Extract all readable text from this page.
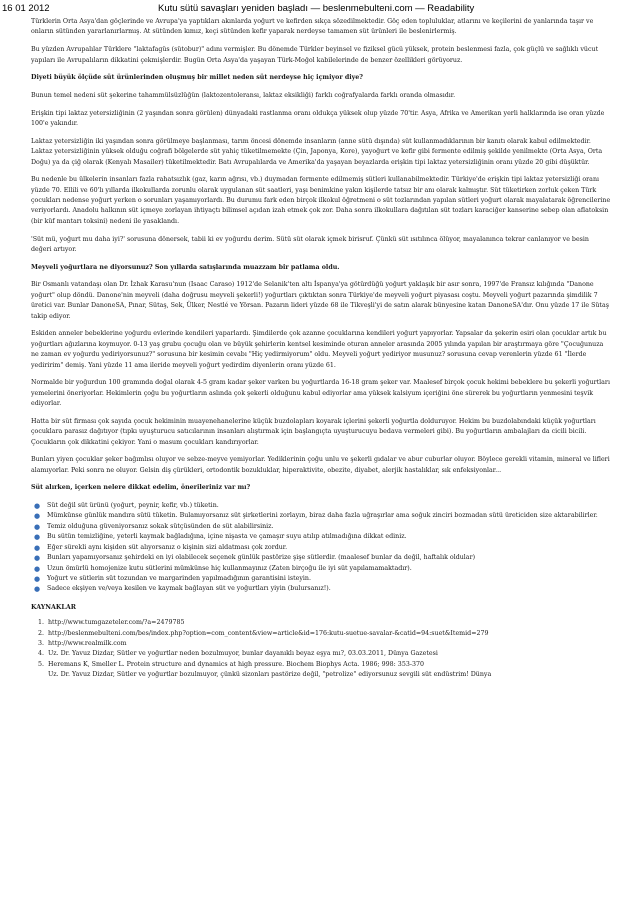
16 01 2012	Kutu sütü savaşları yeniden başladı — beslenmebulteni.com — Readability

Türklerin Orta Asya'dan göçlerinde ve Avrupa'ya yaptıkları akınlarda yoğurt ve kefirden sıkça sözedilmektedir. Göç eden topluluklar, atlarını ve keçilerini de yanlarında taşır ve onların sütünden yararlanırlarmış. At sütünden kımız, keçi sütünden kefir yaparak nerdeyse tamamen süt ürünleri ile beslenirlermiş.

Bu yüzden Avrupalılar Türklere "laktafagüs (sütobur)" adını vermişler. Bu dönemde Türkler beyinsel ve fiziksel gücü yüksek, protein beslenmesi fazla, çok güçlü ve sağlıklı vücut yapıları ile Avrupalıların dikkatini çekmişlerdir. Bugün Orta Asya'da yaşayan Türk-Moğol kabilelerinde de benzer özellikleri görüyoruz.

Diyeti büyük ölçüde süt ürünlerinden oluşmuş bir millet neden süt nerdeyse hiç içmiyor diye?

Bunun temel nedeni süt şekerine tahammülsüzlüğün (laktozentoleransı, laktaz eksikliği) farklı coğrafyalarda farklı oranda olmasıdır.

Erişkin tipi laktaz yetersizliğinin (2 yaşından sonra görülen) dünyadaki rastlanma oranı oldukça yüksek olup yüzde 70'tir. Asya, Afrika ve Amerikan yerli halklarında ise oran yüzde 100'e yakındır.

Laktaz yetersizliğin iki yaşından sonra görülmeye başlanması, tarım öncesi dönemde insanların (anne sütü dışında) süt kullanmadıklarının bir kanıtı olarak kabul edilmektedir. Laktaz yetersizliğinin yüksek olduğu coğrafi bölgelerde süt yahiç tüketilmemekte (Çin, Japonya, Kore), yayoğurt ve kefir gibi fermente edilmiş şekilde yenilmekte (Orta Asya, Orta Doğu) ya da çiğ olarak (Kenyalı Masailer) tüketilmektedir. Batı Avrupalılarda ve Amerika'da yaşayan beyazlarda erişkin tipi laktaz yetersizliğinin oranı yüzde 20 gibi düşüktür.

Bu nedenle bu ülkelerin insanları fazla rahatsızlık (gaz, karın ağrısı, vb.) duymadan fermente edilmemiş sütleri kullanabilmektedir. Türkiye'de erişkin tipi laktaz yetersizliği oranı yüzde 70. Ellili ve 60'lı yıllarda ilkokullarda zorunlu olarak uygulanan süt saatleri, yaşı benimkine yakın kişilerde tatsız bir anı olarak kalmıştır. Süt tüketirken zorluk çeken Türk çocukları nedense yoğurt yerken o sorunları yaşamıyorlardı. Bu durumu fark eden birçok ilkokul öğretmeni o süt tozlarından yapılan sütleri yoğurt olarak mayalatarak öğrencilerine veriyorlardı. Anadolu halkının süt içmeye zorlayan ihtiyaçtı bilimsel açıdan izah etmek çok zor. Daha sonra ilkokullara dağıtılan süt tozları karaciğer kanserine sebep olan aflatoksin (bir küf mantarı toksini) nedeni ile yasaklandı.

'Süt mü, yoğurt mu daha iyi?' sorusuna dönersek, tabii ki ev yoğurdu derim. Sütü süt olarak içmek birisruf. Çünkü süt ısıtılınca ölüyor, mayalanınca tekrar canlanıyor ve besin değeri artıyor.

Meyveli yoğurtlara ne diyorsunuz? Son yıllarda satışlarında muazzam bir patlama oldu.

Bir Osmanlı vatandaşı olan Dr. İzhak Karasu'nun (Isaac Caraso) 1912'de Selanik'ten altı İspanya'ya götürdüğü yoğurt yaklaşık bir asır sonra, 1997'de Fransız kılığında "Danone yoğurt" olup döndü. Danone'nin meyveli (daha doğrusu meyveli şekerli!) yoğurtları çıktıktan sonra Türkiye'de meyveli yoğurt piyasası coştu. Meyveli yoğurt pazarında şimdilik 7 üretici var. Bunlar DanoneSA, Pınar, Sütaş, Sek, Ülker, Nestlé ve Yörsan. Pazarın lideri yüzde 68 ile Tikveşli'yi de satın alarak bünyesine katan DanoneSA'dır. Onu yüzde 17 ile Sütaş takip ediyor.

Eskiden anneler bebeklerine yoğurdu evlerinde kendileri yaparlardı. Şimdilerde çok azanne çocuklarına kendileri yoğurt yapıyorlar. Yapsalar da şekerin esiri olan çocuklar artık bu yoğurtları ağızlarına koymuyor. 0-13 yaş grubu çocuğu olan ve büyük şehirlerin kentsel kesiminde oturan anneler arasında 2005 yılında yapılan bir araştırmaya göre "Çocuğunuza ne zaman ev yoğurdu yediriyorsunuz?" sorusuna bir kesimin cevabı "Hiç yedirmiyorum" oldu. Meyveli yoğurt yediriyor musunuz? sorusuna cevap verenlerin yüzde 61 "İlerde yediririm" demiş. Yani yüzde 11 ama ileride meyveli yoğurt yedirdim diyenlerin oranı yüzde 61.

Normalde bir yoğurdun 100 gramında doğal olarak 4-5 gram kadar şeker varken bu yoğurtlarda 16-18 gram şeker var. Maalesef birçok çocuk hekimi bebeklere bu şekerli yoğurtları yemelerini öneriyorlar. Hekimlerin çoğu bu yoğurtların aslında çok şekerli olduğunu kabul ediyorlar ama yüksek kalsiyum içeriğini öne sürerek bu yoğurtların yenmesini teşvik ediyorlar.

Hatta bir süt firması çok sayıda çocuk hekiminin muayenehanelerine küçük buzdolapları koyarak içlerini şekerli yoğurtla dolduruyor. Hekim bu buzdolabındaki küçük yoğurtları çocuklara parasız dağıtıyor (tıpkı uyuşturucu satıcılarının insanları alıştırmak için başlangıçta uyuşturucuyu bedava vermeleri gibi). Bu yoğurtların ambalajları da cicili bicili. Çocukların çok dikkatini çekiyor. Yani o masum çocukları kandırıyorlar.

Bunları yiyen çocuklar şeker bağımlısı oluyor ve sebze-meyve yemiyorlar. Yediklerinin çoğu unlu ve şekerli gıdalar ve abur cuburlar oluyor. Böylece gerekli vitamin, mineral ve lifleri alamıyorlar. Peki sonra ne oluyor. Gelsin diş çürükleri, ortodontik bozukluklar, hiperaktivite, obezite, diyabet, alerjik hastalıklar, sık enfeksiyonlar...

Süt alırken, içerken nelere dikkat edelim, önerileriniz var mı?

● Süt değil süt ürünü (yoğurt, peynir, kefir, vb.) tüketin.
● Mümkünse günlük mandıra sütü tüketin. Bulamıyorsanız süt şirketlerini zorlayın, biraz daha fazla uğraşırlar ama soğuk zinciri bozmadan sütü üreticiden size aktarabilirler.
● Temiz olduğuna güveniyorsanız sokak sütçüsünden de süt alabilirsiniz.
● Bu sütün temizliğine, yeterli kaymak bağladığına, içine nişasta ve çamaşır suyu atılıp atılmadığına dikkat ediniz.
● Eğer sürekli aynı kişiden süt alıyorsanız o kişinin sizi aldatması çok zordur.
● Bunları yapamıyorsanız şehirdeki en iyi olabilecek seçenek günlük pastörize şişe sütlerdir. (maalesef bunlar da değil, haftalık oldular)
● Uzun ömürlü homojenize kutu sütlerini mümkünse hiç kullanmayınız (Zaten birçoğu ile iyi süt yapılamamaktadır).
● Yoğurt ve sütlerin süt tozundan ve margarinden yapılmadığının garantisini isteyin.
● Sadece ekşiyen ve/veya kesilen ve kaymak bağlayan süt ve yoğurtları yiyin (bulursanız!).
KAYNAKLAR
1. http://www.tumgazeteler.com/?a=2479785
2. http://beslenmebulteni.com/bes/index.php?option=com_content&view=article&id=176:kutu-suetue-savalar-&catid=94:suet&Itemid=279
3. http://www.realmilk.com
4. Uz. Dr. Yavuz Dizdar, Sütler ve yoğurtlar neden bozulmuyor, bunlar dayanıklı beyaz eşya mı?, 03.03.2011, Dünya Gazetesi
5. Heremans K, Smeller L. Protein structure and dynamics at high pressure. Biochem Biophys Acta. 1986; 998: 353-370
6. Uz. Dr. Yavuz Dizdar, Sütler ve yoğurtlar bozulmuyor, çünkü sizonları pastörize değil, "petrolize" ediyorsunuz sevgili süt endüstrim! Dünya
